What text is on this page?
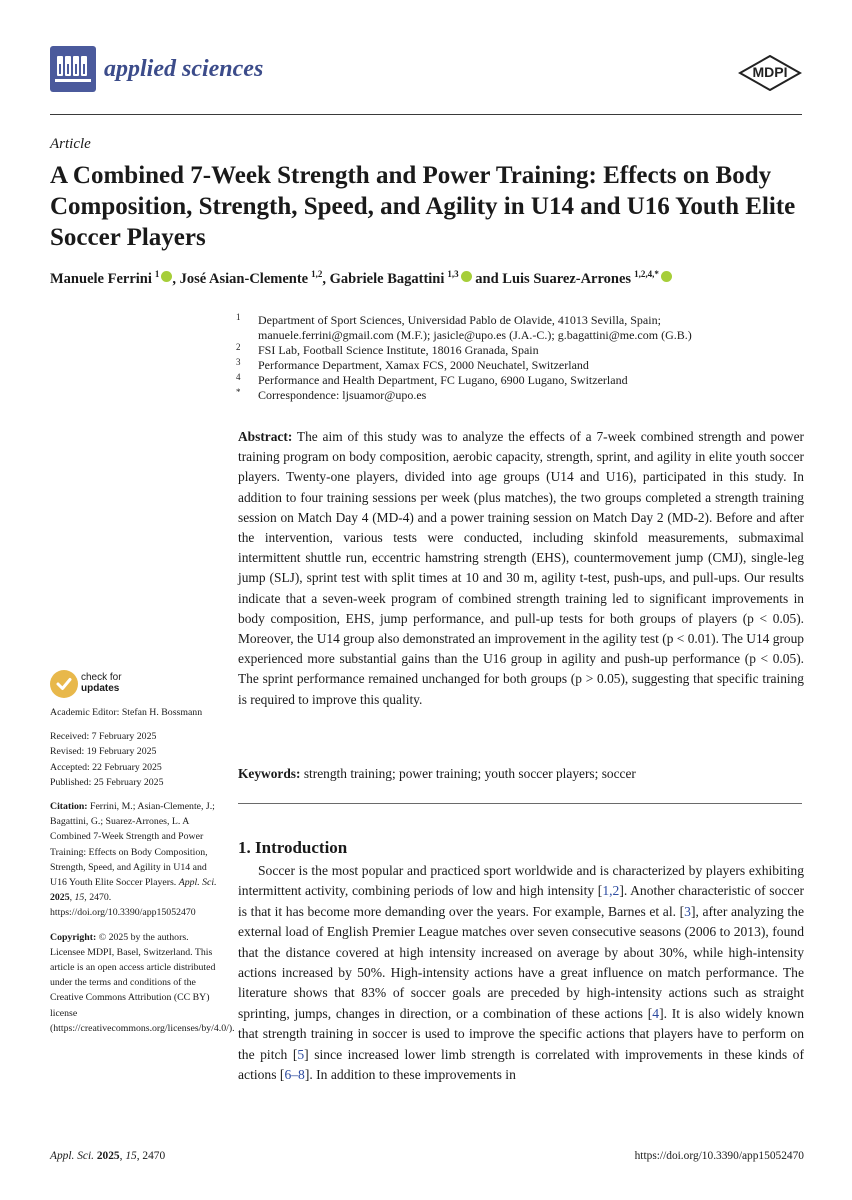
applied sciences	MDPI
Article
A Combined 7-Week Strength and Power Training: Effects on Body Composition, Strength, Speed, and Agility in U14 and U16 Youth Elite Soccer Players
Manuele Ferrini $^1$ , José Asian-Clemente $^{1,2}$, Gabriele Bagattini $^{1,3}$ and Luis Suarez-Arrones $^{1,2,4,*}$
1 Department of Sport Sciences, Universidad Pablo de Olavide, 41013 Sevilla, Spain;
manuele.ferrini@gmail.com (M.F.); jasicle@upo.es (J.A.-C.); g.bagattini@me.com (G.B.)
2 FSI Lab, Football Science Institute, 18016 Granada, Spain
3 Performance Department, Xamax FCS, 2000 Neuchatel, Switzerland
4 Performance and Health Department, FC Lugano, 6900 Lugano, Switzerland
* Correspondence: ljsuamor@upo.es
Abstract: The aim of this study was to analyze the effects of a 7-week combined strength and power training program on body composition, aerobic capacity, strength, sprint, and agility in elite youth soccer players. Twenty-one players, divided into age groups (U14 and U16), participated in this study. In addition to four training sessions per week (plus matches), the two groups completed a strength training session on Match Day 4 (MD-4) and a power training session on Match Day 2 (MD-2). Before and after the intervention, various tests were conducted, including skinfold measurements, submaximal intermittent shuttle run, eccentric hamstring strength (EHS), countermovement jump (CMJ), single-leg jump (SLJ), sprint test with split times at 10 and 30 m, agility t-test, push-ups, and pull-ups. Our results indicate that a seven-week program of combined strength training led to significant improvements in body composition, EHS, jump performance, and pull-up tests for both groups of players (p < 0.05). Moreover, the U14 group also demonstrated an improvement in the agility test (p < 0.01). The U14 group experienced more substantial gains than the U16 group in agility and push-up performance (p < 0.05). The sprint performance remained unchanged for both groups (p > 0.05), suggesting that specific training is required to improve this quality.
Keywords: strength training; power training; youth soccer players; soccer
check for
updates

Academic Editor: Stefan H. Bossmann

Received: 7 February 2025

Revised: 19 February 2025

Accepted: 22 February 2025

Published: 25 February 2025

Citation: Ferrini, M.; Asian-Clemente, J.; Bagattini, G.; Suarez-Arrones, L. A Combined 7-Week Strength and Power Training: Effects on Body Composition, Strength, Speed, and Agility in U14 and U16 Youth Elite Soccer Players. Appl. Sci. 2025, 15, 2470. https://doi.org/10.3390/app15052470

Copyright: © 2025 by the authors. Licensee MDPI, Basel, Switzerland. This article is an open access article distributed under the terms and conditions of the Creative Commons Attribution (CC BY) license (https://creativecommons.org/licenses/by/4.0/).

1. Introduction
Soccer is the most popular and practiced sport worldwide and is characterized by players exhibiting intermittent activity, combining periods of low and high intensity [1,2]. Another characteristic of soccer is that it has become more demanding over the years. For example, Barnes et al. [3], after analyzing the external load of English Premier League matches over seven consecutive seasons (2006 to 2013), found that the distance covered at high intensity increased on average by about 30%, while high-intensity actions increased by 50%. High-intensity actions have a great influence on match performance. The literature shows that 83% of soccer goals are preceded by high-intensity actions such as straight sprinting, jumps, changes in direction, or a combination of these actions [4]. It is also widely known that strength training in soccer is used to improve the specific actions that players have to perform on the pitch [5] since increased lower limb strength is correlated with improvements in these kinds of actions [6–8]. In addition to these improvements in
Appl. Sci. 2025, 15, 2470	https://doi.org/10.3390/app15052470
